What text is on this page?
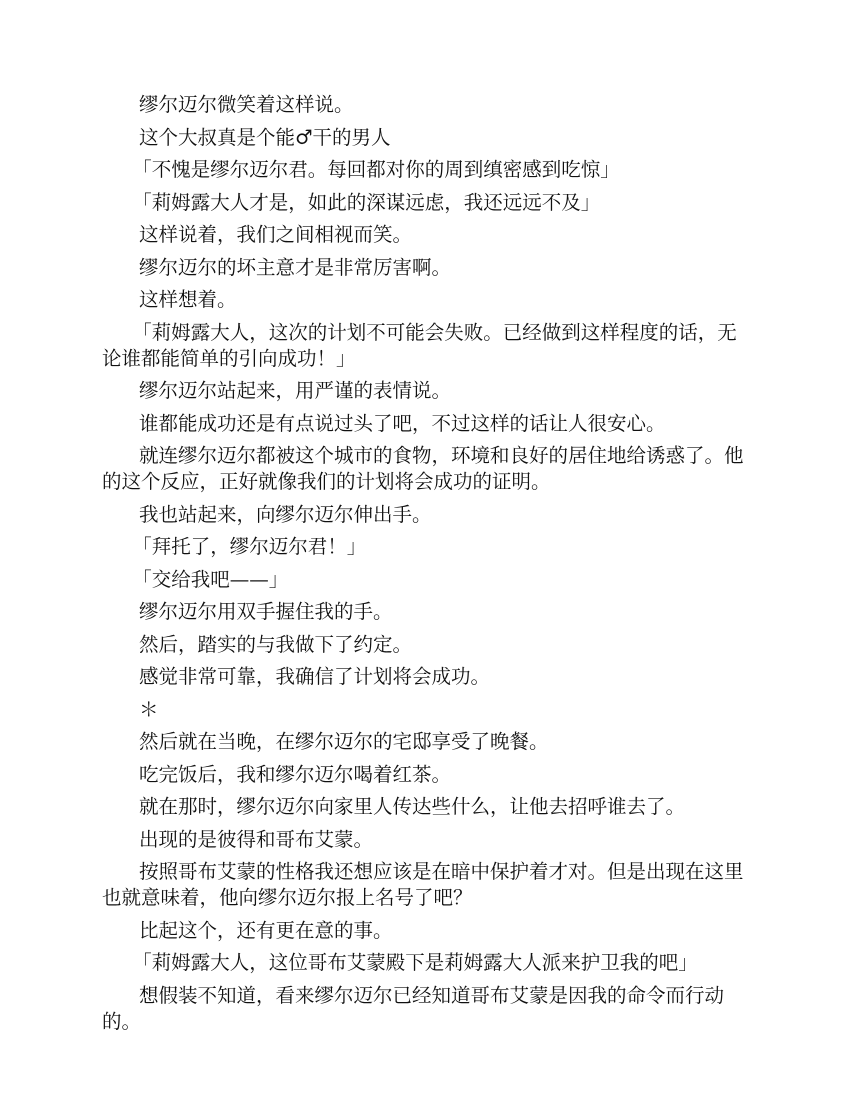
缪尔迈尔微笑着这样说。

这个大叔真是个能♂干的男人

「不愧是缪尔迈尔君。每回都对你的周到缜密感到吃惊」

「莉姆露大人才是，如此的深谋远虑，我还远远不及」

这样说着，我们之间相视而笑。

缪尔迈尔的坏主意才是非常厉害啊。

这样想着。

「莉姆露大人，这次的计划不可能会失败。已经做到这样程度的话，无论谁都能简单的引向成功！」

缪尔迈尔站起来，用严谨的表情说。

谁都能成功还是有点说过头了吧，不过这样的话让人很安心。

就连缪尔迈尔都被这个城市的食物，环境和良好的居住地给诱惑了。他的这个反应，正好就像我们的计划将会成功的证明。

我也站起来，向缪尔迈尔伸出手。

「拜托了，缪尔迈尔君！」

「交给我吧——」

缪尔迈尔用双手握住我的手。

然后，踏实的与我做下了约定。

感觉非常可靠，我确信了计划将会成功。

＊

然后就在当晚，在缪尔迈尔的宅邸享受了晚餐。

吃完饭后，我和缪尔迈尔喝着红茶。

就在那时，缪尔迈尔向家里人传达些什么，让他去招呼谁去了。

出现的是彼得和哥布艾蒙。

按照哥布艾蒙的性格我还想应该是在暗中保护着才对。但是出现在这里也就意味着，他向缪尔迈尔报上名号了吧？

比起这个，还有更在意的事。

「莉姆露大人，这位哥布艾蒙殿下是莉姆露大人派来护卫我的吧」

想假装不知道，看来缪尔迈尔已经知道哥布艾蒙是因我的命令而行动的。
